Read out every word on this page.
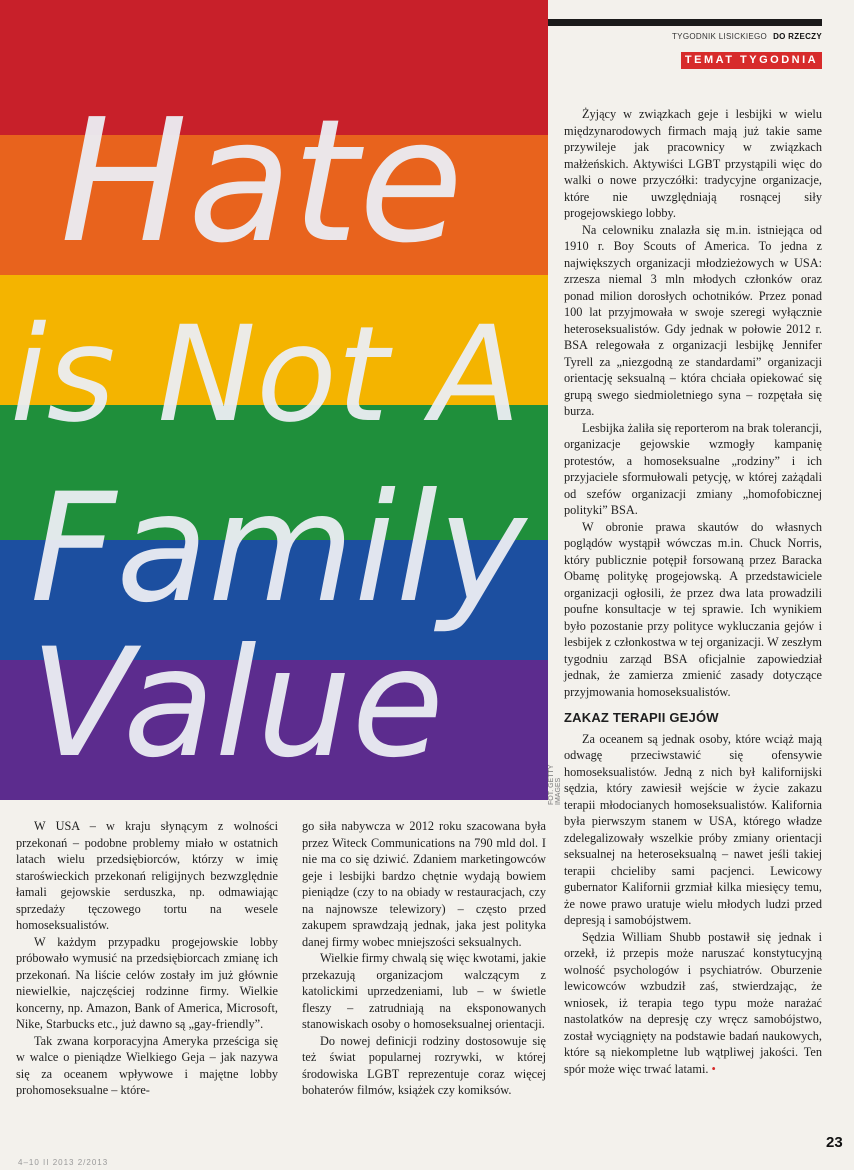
TYGODNIK LISICKIEGO DO RZECZY
TEMAT TYGODNIA
Hate
is Not A
Family
Value	FOT. GETTY IMAGES

W USA – w kraju słynącym z wolności przekonań – podobne problemy miało w ostatnich latach wielu przedsiębiorców, którzy w imię staroświeckich przekonań religijnych bezwzględnie łamali gejowskie serduszka, np. odmawiając sprzedaży tęczowego tortu na wesele homoseksualistów.

W każdym przypadku progejowskie lobby próbowało wymusić na przedsiębiorcach zmianę ich przekonań. Na liście celów zostały im już głównie niewielkie, najczęściej rodzinne firmy. Wielkie koncerny, np. Amazon, Bank of America, Microsoft, Nike, Starbucks etc., już dawno są „gay-friendly”.

Tak zwana korporacyjna Ameryka prześciga się w walce o pieniądze Wielkiego Geja – jak nazywa się za oceanem wpływowe i majętne lobby prohomoseksualne – które-

go siła nabywcza w 2012 roku szacowana była przez Witeck Communications na 790 mld dol. I nie ma co się dziwić. Zdaniem marketingowców geje i lesbijki bardzo chętnie wydają bowiem pieniądze (czy to na obiady w restauracjach, czy na najnowsze telewizory) – często przed zakupem sprawdzają jednak, jaka jest polityka danej firmy wobec mniejszości seksualnych.

Wielkie firmy chwalą się więc kwotami, jakie przekazują organizacjom walczącym z katolickimi uprzedzeniami, lub – w świetle fleszy – zatrudniają na eksponowanych stanowiskach osoby o homoseksualnej orientacji.

Do nowej definicji rodziny dostosowuje się też świat popularnej rozrywki, w której środowiska LGBT reprezentuje coraz więcej bohaterów filmów, książek czy komiksów.

Żyjący w związkach geje i lesbijki w wielu międzynarodowych firmach mają już takie same przywileje jak pracownicy w związkach małżeńskich. Aktywiści LGBT przystąpili więc do walki o nowe przyczółki: tradycyjne organizacje, które nie uwzględniają rosnącej siły progejowskiego lobby.

Na celowniku znalazła się m.in. istniejąca od 1910 r. Boy Scouts of America. To jedna z największych organizacji młodzieżowych w USA: zrzesza niemal 3 mln młodych członków oraz ponad milion dorosłych ochotników. Przez ponad 100 lat przyjmowała w swoje szeregi wyłącznie heteroseksualistów. Gdy jednak w połowie 2012 r. BSA relegowała z organizacji lesbijkę Jennifer Tyrell za „niezgodną ze standardami” organizacji orientację seksualną – która chciała opiekować się grupą swego siedmioletniego syna – rozpętała się burza.

Lesbijka żaliła się reporterom na brak tolerancji, organizacje gejowskie wzmogły kampanię protestów, a homoseksualne „rodziny” i ich przyjaciele sformułowali petycję, w której zażądali od szefów organizacji zmiany „homofobicznej polityki” BSA.

W obronie prawa skautów do własnych poglądów wystąpił wówczas m.in. Chuck Norris, który publicznie potępił forsowaną przez Baracka Obamę politykę progejowską. A przedstawiciele organizacji ogłosili, że przez dwa lata prowadzili poufne konsultacje w tej sprawie. Ich wynikiem było pozostanie przy polityce wykluczania gejów i lesbijek z członkostwa w tej organizacji. W zeszłym tygodniu zarząd BSA oficjalnie zapowiedział jednak, że zamierza zmienić zasady dotyczące przyjmowania homoseksualistów.

ZAKAZ TERAPII GEJÓW

Za oceanem są jednak osoby, które wciąż mają odwagę przeciwstawić się ofensywie homoseksualistów. Jedną z nich był kalifornijski sędzia, który zawiesił wejście w życie zakazu terapii młodocianych homoseksualistów. Kalifornia była pierwszym stanem w USA, którego władze zdelegalizowały wszelkie próby zmiany orientacji seksualnej na heteroseksualną – nawet jeśli takiej terapii chcieliby sami pacjenci. Lewicowy gubernator Kalifornii grzmiał kilka miesięcy temu, że nowe prawo uratuje wielu młodych ludzi przed depresją i samobójstwem.

Sędzia William Shubb postawił się jednak i orzekł, iż przepis może naruszać konstytucyjną wolność psychologów i psychiatrów. Oburzenie lewicowców wzbudził zaś, stwierdzając, że wniosek, iż terapia tego typu może narażać nastolatków na depresję czy wręcz samobójstwo, został wyciągnięty na podstawie badań naukowych, które są niekompletne lub wątpliwej jakości. Ten spór może więc trwać latami. •

23
4–10 II 2013 2/2013
